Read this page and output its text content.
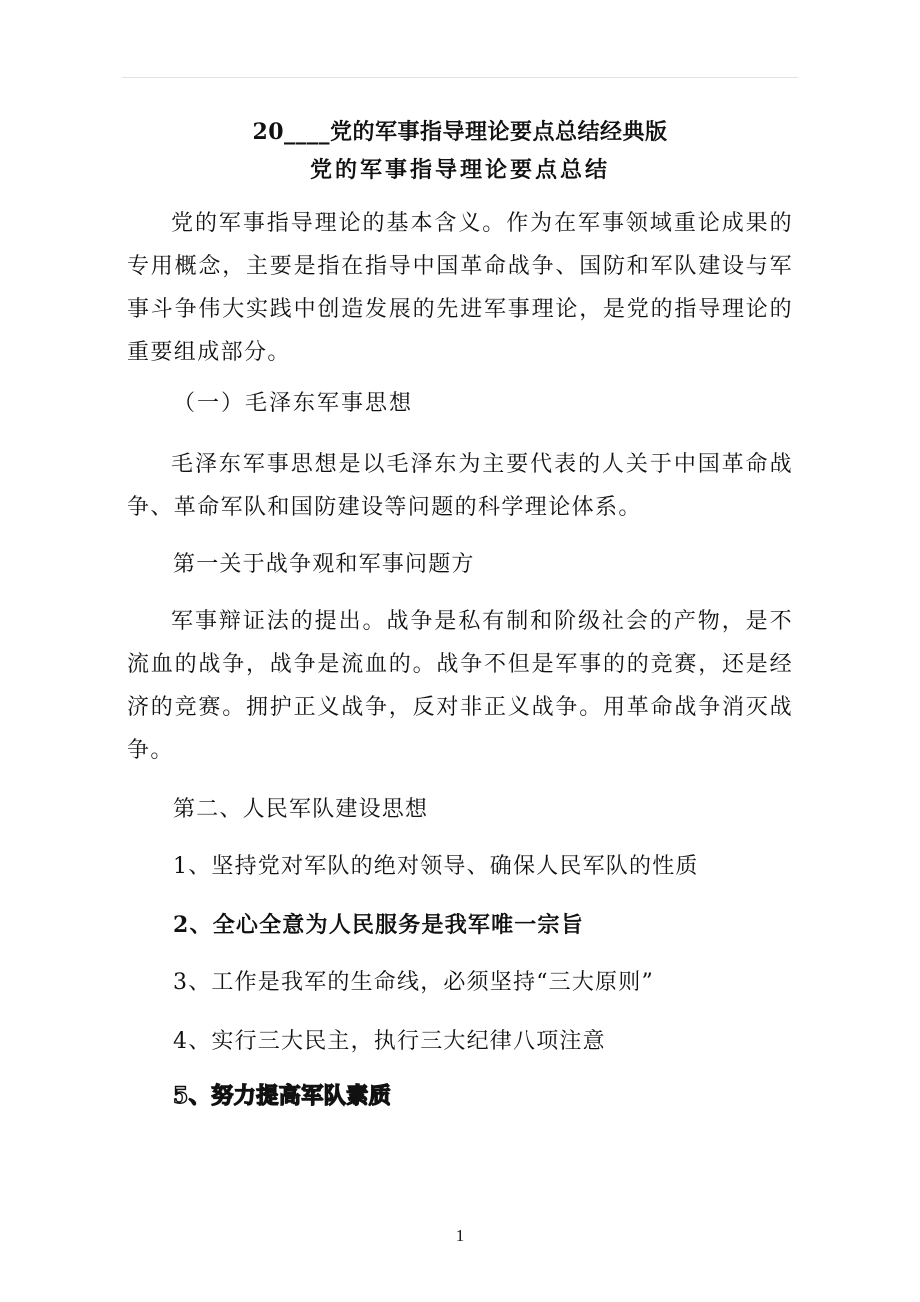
20____党的军事指导理论要点总结经典版
党的军事指导理论要点总结

党的军事指导理论的基本含义。作为在军事领域重论成果的专用概念，主要是指在指导中国革命战争、国防和军队建设与军事斗争伟大实践中创造发展的先进军事理论，是党的指导理论的重要组成部分。

（一）毛泽东军事思想

毛泽东军事思想是以毛泽东为主要代表的人关于中国革命战争、革命军队和国防建设等问题的科学理论体系。

第一关于战争观和军事问题方

军事辩证法的提出。战争是私有制和阶级社会的产物，是不流血的战争，战争是流血的。战争不但是军事的的竞赛，还是经济的竞赛。拥护正义战争，反对非正义战争。用革命战争消灭战争。

第二、人民军队建设思想

1、坚持党对军队的绝对领导、确保人民军队的性质

2、全心全意为人民服务是我军唯一宗旨

3、工作是我军的生命线，必须坚持“三大原则”

4、实行三大民主，执行三大纪律八项注意

5、努力提高军队素质

1
